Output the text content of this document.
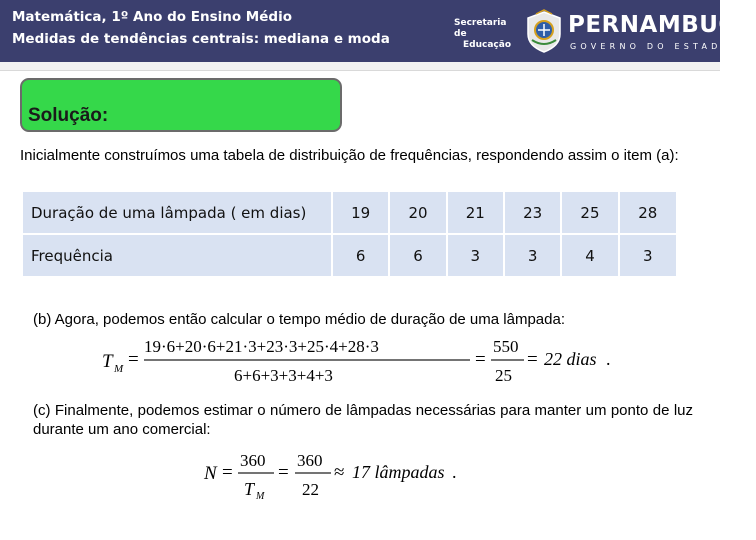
Matemática, 1º Ano do Ensino Médio
Medidas de tendências centrais: mediana e moda
Secretaria de
Educação
PERNAMBUCO
GOVERNO DO ESTADO
Solução:
Inicialmente construímos uma tabela de distribuição de frequências, respondendo assim o item (a):
Duração de uma lâmpada ( em dias)	19	20	21	23	25	28
Frequência	6	6	3	3	4	3
(b) Agora, podemos então calcular o tempo médio de duração de uma lâmpada:
T M =
19·6+20·6+21·3+23·3+25·4+28·3
6+6+3+3+4+3
=
550
25
= 22 dias .
(c) Finalmente, podemos estimar o número de lâmpadas necessárias para manter um ponto de luz durante um ano comercial:
N =
360
T M
=
360
22
≈ 17 lâmpadas .
